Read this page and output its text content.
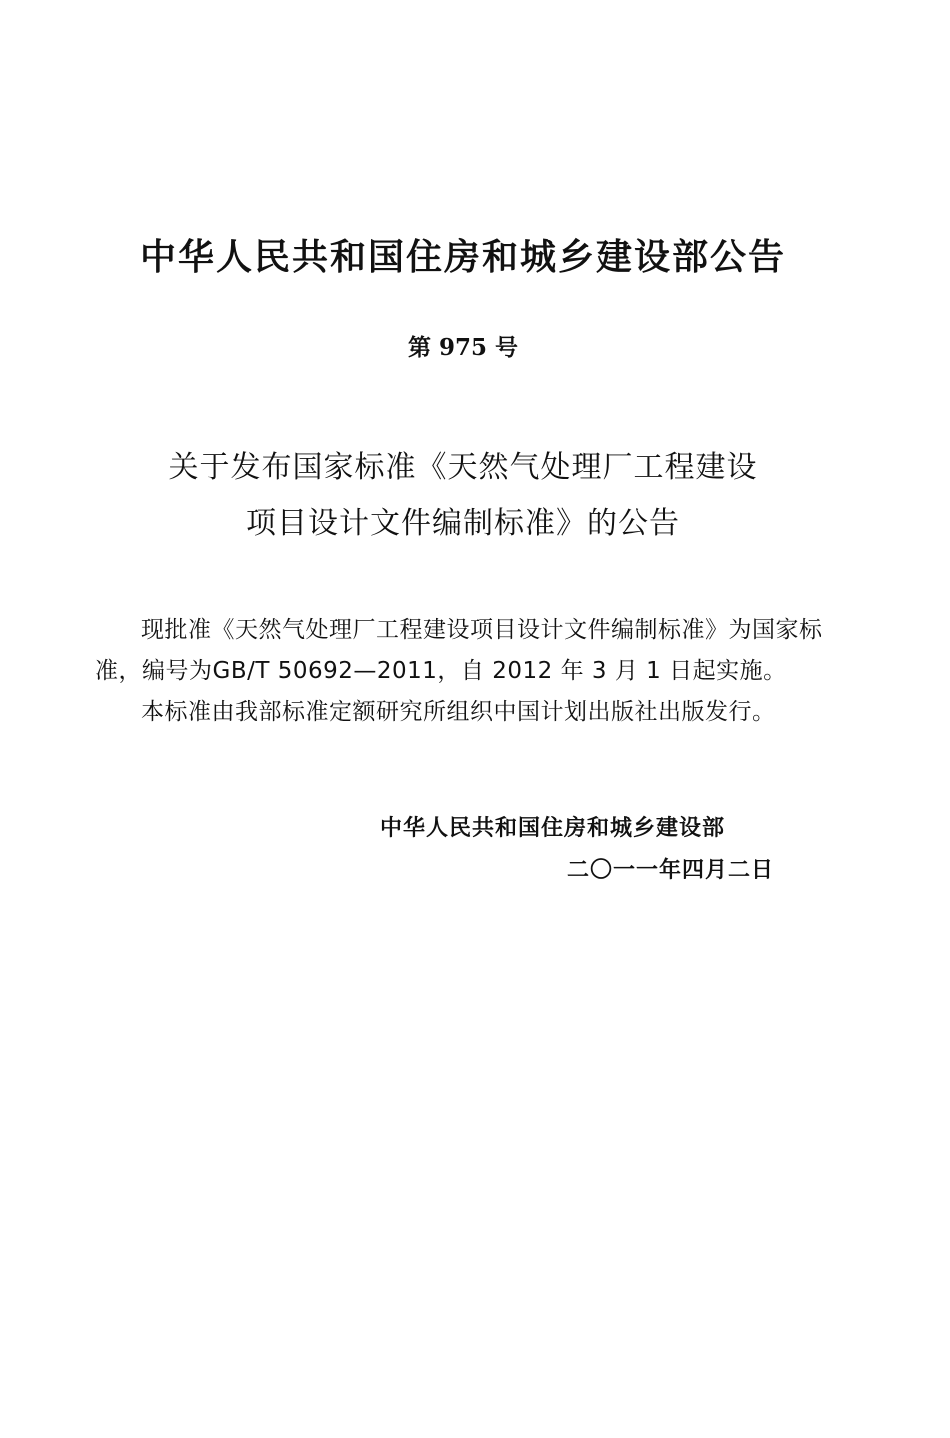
中华人民共和国住房和城乡建设部公告
第 975 号
关于发布国家标准《天然气处理厂工程建设
项目设计文件编制标准》的公告

现批准《天然气处理厂工程建设项目设计文件编制标准》为国家标准，编号为GB/T 50692—2011，自 2012 年 3 月 1 日起实施。

本标准由我部标准定额研究所组织中国计划出版社出版发行。

中华人民共和国住房和城乡建设部
二〇一一年四月二日
